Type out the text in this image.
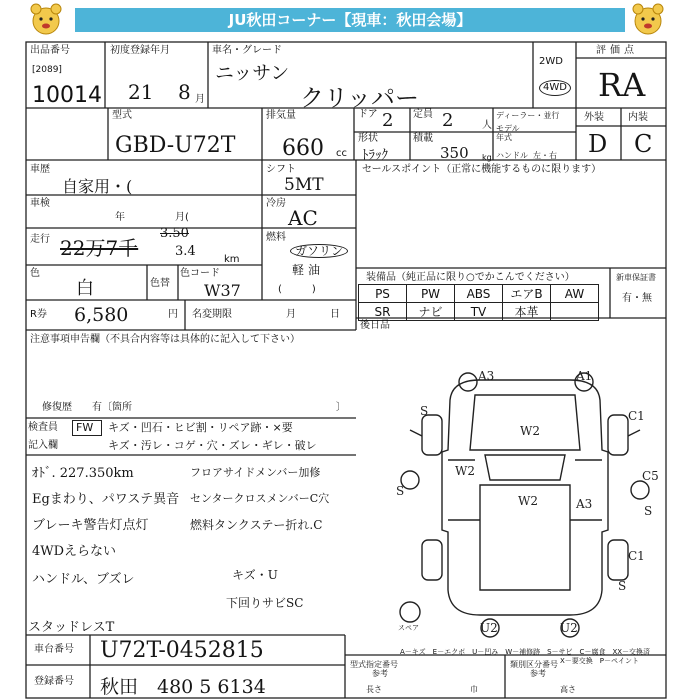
JU秋田コーナー【現車：秋田会場】
出品番号
[2089]
10014
初度登録年月
21 8 月
車名・グレード
ニッサン
クリッパー
2WD
4WD
評価点
RA
外装 内装
D C
型式
GBD-U72T
排気量
660 cc
ドア 2 定員 2	人
ディーラー・並行
モデル年式
ハンドル 左・右
形状
ﾄﾗｯｸ
積載
350 kg
車歴
自家用・(
シフト
5MT
セールスポイント（正常に機能するものに限ります）
車検
年	月(
冷房
AC
走行 22万7千
3.50
3.4
km
燃料
ガソリン
軽油
(　　　)
色
白	色替
色コード
W37
装備品（純正品に限り○でかこんでください）	新車保証書
有・無
PS	PW	ABS	エアB	AW
SR	ナビ	TV	本革	
後日品
R券 6,580	円 名変期限	月	日
注意事項申告欄（不具合内容等は具体的に記入して下さい）
修復歴　　有〔箇所	〕
検査員
記入欄
FW キズ・凹石・ヒビ割・リペア跡・×要
キズ・汚レ・コゲ・穴・ズレ・ギレ・破レ
ｵﾄﾞ. 227.350km
Egまわり、パワステ異音
ブレーキ警告灯点灯
4WDえらない
ハンドル、ブズレ
スタッドレスT
フロアサイドメンバー加修
センタークロスメンバーC穴
燃料タンクステー折れ.C
キズ・U
下回りサビSC
A3	A1
S	C1
W2
W2	C5
W2
S
A3	S
C1
S
U2	U2
スペア
A－キズ　E－エクボ　U－凹み　W－補修跡　S－サビ　C－腐食　XX－交換済
X－要交換　P－ペイント
車台番号 U72T-0452815
登録番号 秋田　480 5 6134
型式指定番号
参考
類別区分番号
参考
長さ	巾	高さ
